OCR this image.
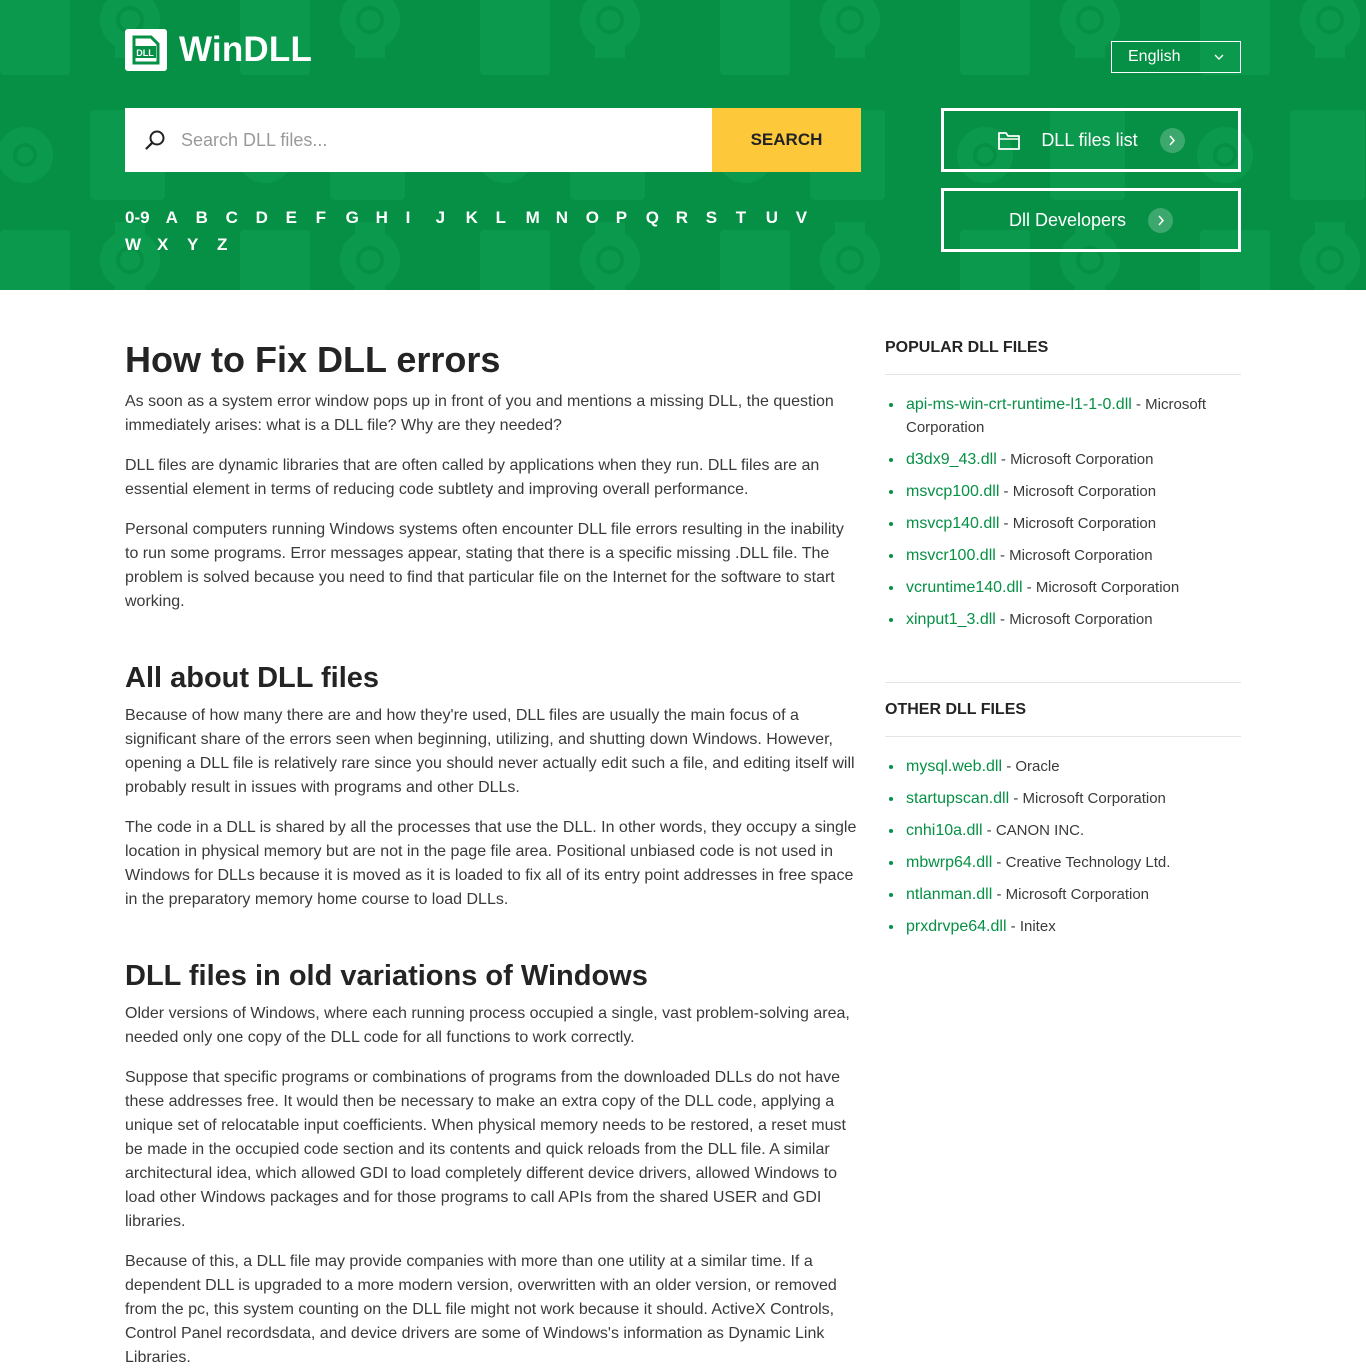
DLL WinDLL	English
Search DLL files...
SEARCH
0-9 A B C D E F G H I	J K L M N O P Q R S T U V
W X Y Z
DLL files list
Dll Developers
How to Fix DLL errors

As soon as a system error window pops up in front of you and mentions a missing DLL, the question immediately arises: what is a DLL file? Why are they needed?

DLL files are dynamic libraries that are often called by applications when they run. DLL files are an essential element in terms of reducing code subtlety and improving overall performance.

Personal computers running Windows systems often encounter DLL file errors resulting in the inability to run some programs. Error messages appear, stating that there is a specific missing .DLL file. The problem is solved because you need to find that particular file on the Internet for the software to start working.

All about DLL files

Because of how many there are and how they're used, DLL files are usually the main focus of a significant share of the errors seen when beginning, utilizing, and shutting down Windows. However, opening a DLL file is relatively rare since you should never actually edit such a file, and editing itself will probably result in issues with programs and other DLLs.

The code in a DLL is shared by all the processes that use the DLL. In other words, they occupy a single location in physical memory but are not in the page file area. Positional unbiased code is not used in Windows for DLLs because it is moved as it is loaded to fix all of its entry point addresses in free space in the preparatory memory home course to load DLLs.

DLL files in old variations of Windows

Older versions of Windows, where each running process occupied a single, vast problem-solving area, needed only one copy of the DLL code for all functions to work correctly.

Suppose that specific programs or combinations of programs from the downloaded DLLs do not have these addresses free. It would then be necessary to make an extra copy of the DLL code, applying a unique set of relocatable input coefficients. When physical memory needs to be restored, a reset must be made in the occupied code section and its contents and quick reloads from the DLL file. A similar architectural idea, which allowed GDI to load completely different device drivers, allowed Windows to load other Windows packages and for those programs to call APIs from the shared USER and GDI libraries.

Because of this, a DLL file may provide companies with more than one utility at a similar time. If a dependent DLL is upgraded to a more modern version, overwritten with an older version, or removed from the pc, this system counting on the DLL file might not work because it should. ActiveX Controls, Control Panel recordsdata, and device drivers are some of Windows's information as Dynamic Link Libraries.

POPULAR DLL FILES
api-ms-win-crt-runtime-l1-1-0.dll - Microsoft Corporation
d3dx9_43.dll - Microsoft Corporation
msvcp100.dll - Microsoft Corporation
msvcp140.dll - Microsoft Corporation
msvcr100.dll - Microsoft Corporation
vcruntime140.dll - Microsoft Corporation
xinput1_3.dll - Microsoft Corporation
OTHER DLL FILES
mysql.web.dll - Oracle
startupscan.dll - Microsoft Corporation
cnhi10a.dll - CANON INC.
mbwrp64.dll - Creative Technology Ltd.
ntlanman.dll - Microsoft Corporation
prxdrvpe64.dll - Initex
